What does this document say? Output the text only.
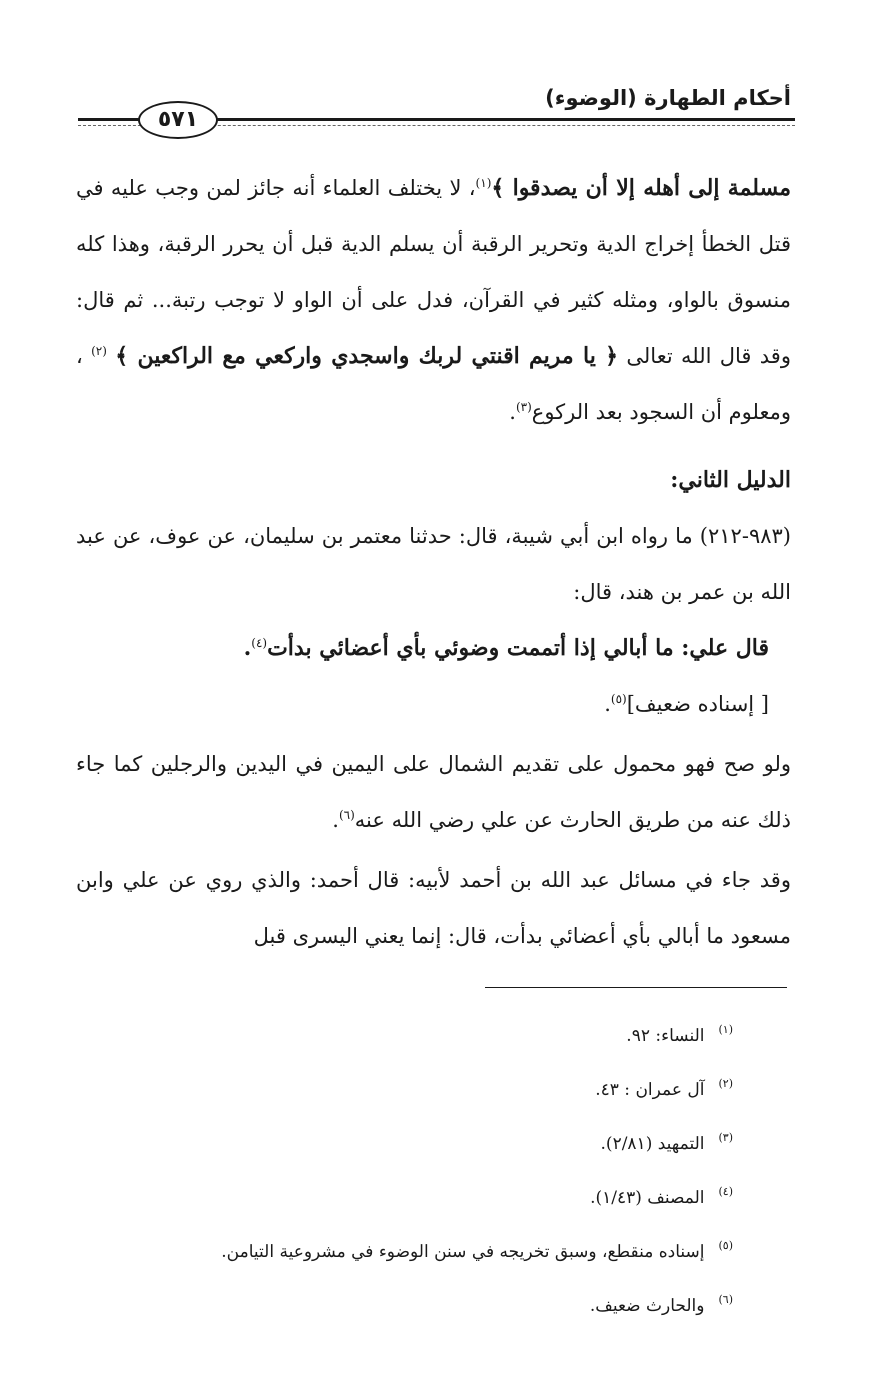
أحكام الطهارة (الوضوء)
٥٧١

مسلمة إلى أهله إلا أن يصدقوا ﴾$^{(١)}$، لا يختلف العلماء أنه جائز لمن وجب عليه في قتل الخطأ إخراج الدية وتحرير الرقبة أن يسلم الدية قبل أن يحرر الرقبة، وهذا كله منسوق بالواو، ومثله كثير في القرآن، فدل على أن الواو لا توجب رتبة... ثم قال: وقد قال الله تعالى ﴿ يا مريم اقنتي لربك واسجدي واركعي مع الراكعين ﴾ $^{(٢)}$ ، ومعلوم أن السجود بعد الركوع$^{(٣)}$.

الدليل الثاني:

(٩٨٣-٢١٢) ما رواه ابن أبي شيبة، قال: حدثنا معتمر بن سليمان، عن عوف، عن عبد الله بن عمر بن هند، قال:

قال علي: ما أبالي إذا أتممت وضوئي بأي أعضائي بدأت$^{(٤)}$.

[ إسناده ضعيف]$^{(٥)}$.

ولو صح فهو محمول على تقديم الشمال على اليمين في اليدين والرجلين كما جاء ذلك عنه من طريق الحارث عن علي رضي الله عنه$^{(٦)}$.

وقد جاء في مسائل عبد الله بن أحمد لأبيه: قال أحمد: والذي روي عن علي وابن مسعود ما أبالي بأي أعضائي بدأت، قال: إنما يعني اليسرى قبل

(١)
النساء: ٩٢.
(٢)
آل عمران : ٤٣.
(٣)
التمهيد (٢/٨١).
(٤)
المصنف (١/٤٣).
(٥)
إسناده منقطع، وسبق تخريجه في سنن الوضوء في مشروعية التيامن.
(٦)
والحارث ضعيف.
